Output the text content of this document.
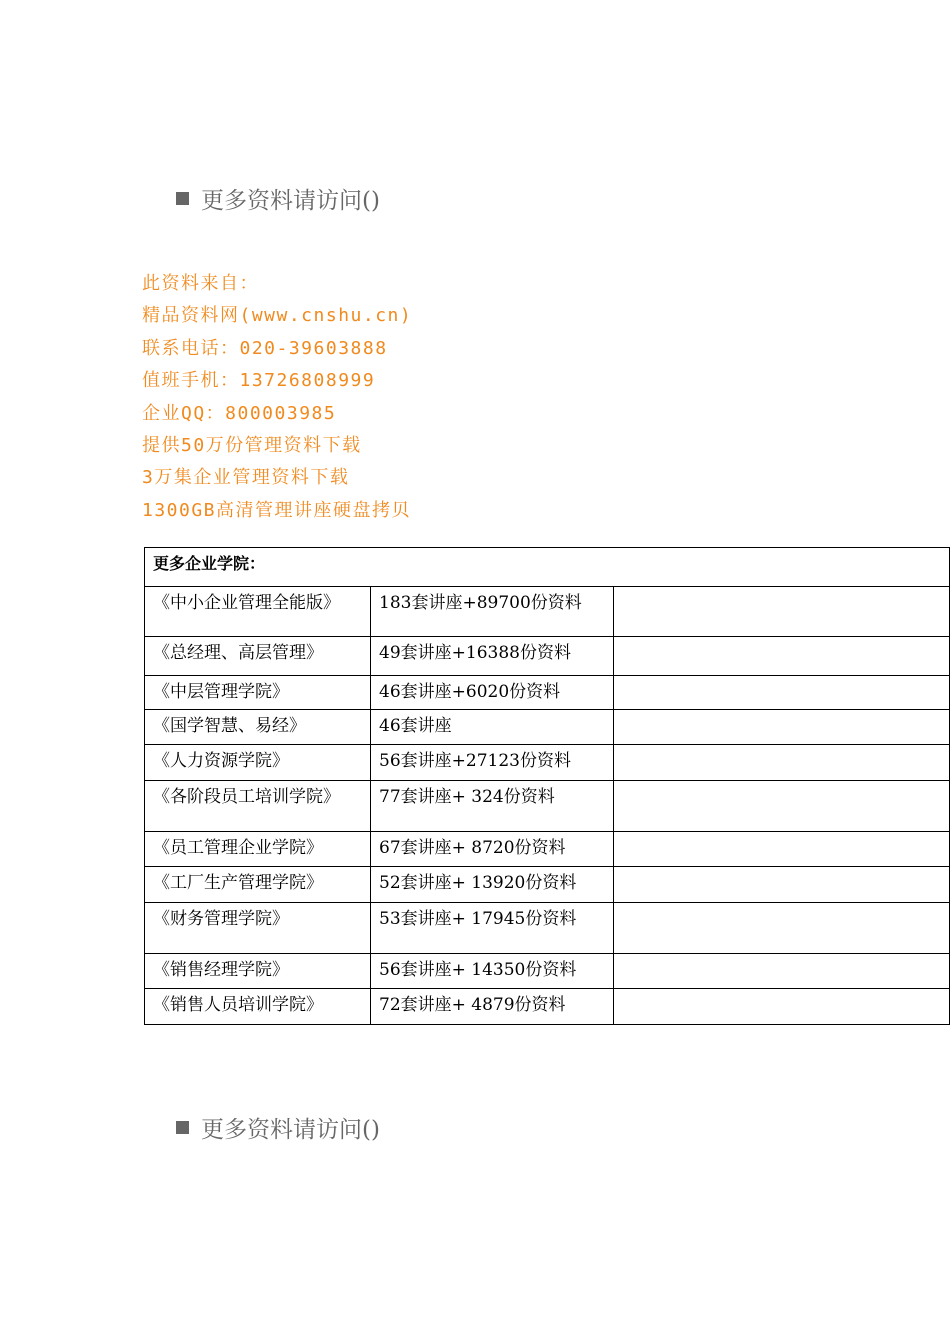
更多资料请访问()
此资料来自：
精品资料网(www.cnshu.cn)
联系电话：020-39603888
值班手机：13726808999
企业QQ：800003985
提供50万份管理资料下载
3万集企业管理资料下载
1300GB高清管理讲座硬盘拷贝
更多企业学院：		
《中小企业管理全能版》	183套讲座+89700份资料	
《总经理、高层管理》	49套讲座+16388份资料	
《中层管理学院》	46套讲座+6020份资料	
《国学智慧、易经》	46套讲座	
《人力资源学院》	56套讲座+27123份资料	
《各阶段员工培训学院》	77套讲座+ 324份资料	
《员工管理企业学院》	67套讲座+ 8720份资料	
《工厂生产管理学院》	52套讲座+ 13920份资料	
《财务管理学院》	53套讲座+ 17945份资料	
《销售经理学院》	56套讲座+ 14350份资料	
《销售人员培训学院》	72套讲座+ 4879份资料	
更多资料请访问()
